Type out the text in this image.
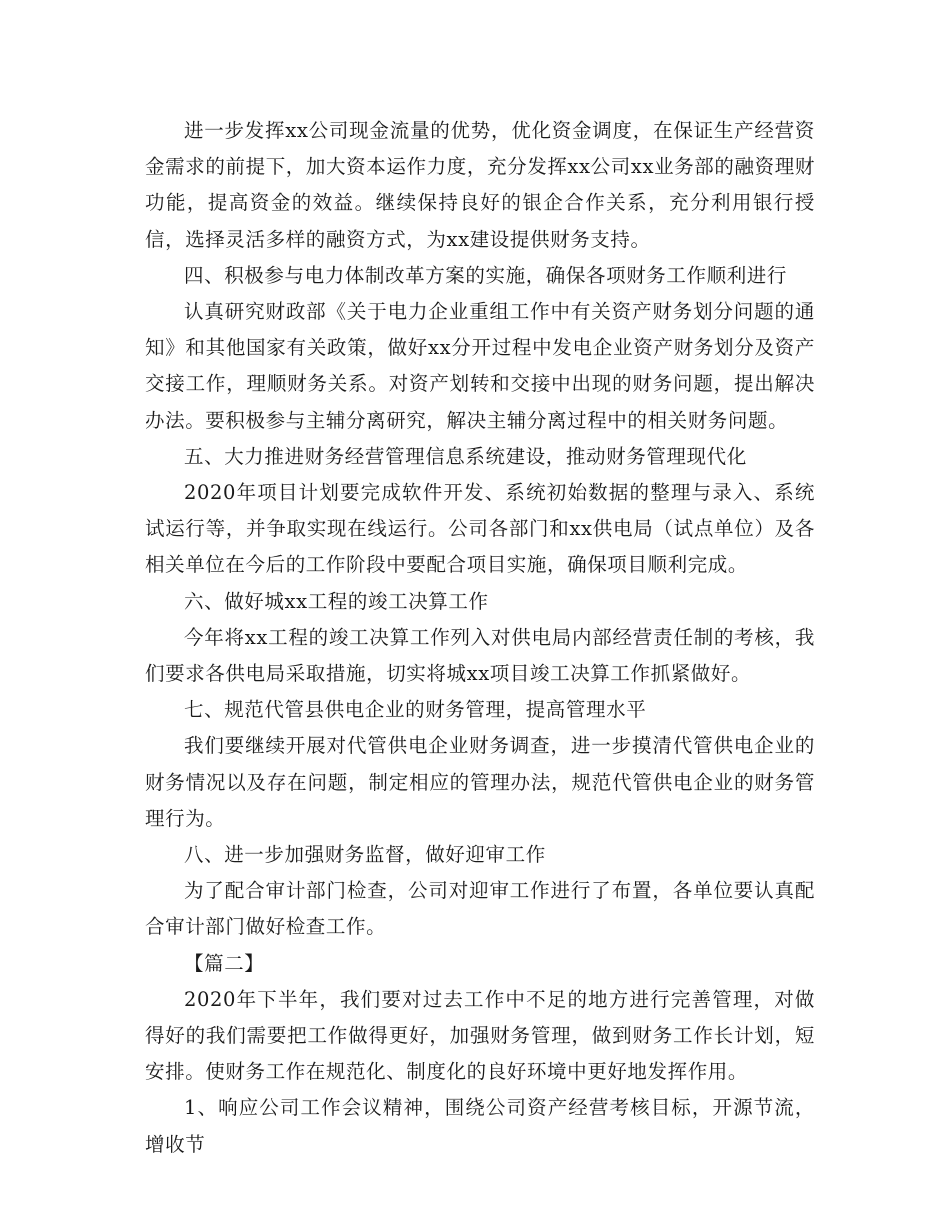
进一步发挥xx公司现金流量的优势，优化资金调度，在保证生产经营资金需求的前提下，加大资本运作力度，充分发挥xx公司xx业务部的融资理财功能，提高资金的效益。继续保持良好的银企合作关系，充分利用银行授信，选择灵活多样的融资方式，为xx建设提供财务支持。

四、积极参与电力体制改革方案的实施，确保各项财务工作顺利进行

认真研究财政部《关于电力企业重组工作中有关资产财务划分问题的通知》和其他国家有关政策，做好xx分开过程中发电企业资产财务划分及资产交接工作，理顺财务关系。对资产划转和交接中出现的财务问题，提出解决办法。要积极参与主辅分离研究，解决主辅分离过程中的相关财务问题。

五、大力推进财务经营管理信息系统建设，推动财务管理现代化

2020年项目计划要完成软件开发、系统初始数据的整理与录入、系统试运行等，并争取实现在线运行。公司各部门和xx供电局（试点单位）及各相关单位在今后的工作阶段中要配合项目实施，确保项目顺利完成。

六、做好城xx工程的竣工决算工作

今年将xx工程的竣工决算工作列入对供电局内部经营责任制的考核，我们要求各供电局采取措施，切实将城xx项目竣工决算工作抓紧做好。

七、规范代管县供电企业的财务管理，提高管理水平

我们要继续开展对代管供电企业财务调查，进一步摸清代管供电企业的财务情况以及存在问题，制定相应的管理办法，规范代管供电企业的财务管理行为。

八、进一步加强财务监督，做好迎审工作

为了配合审计部门检查，公司对迎审工作进行了布置，各单位要认真配合审计部门做好检查工作。

【篇二】

2020年下半年，我们要对过去工作中不足的地方进行完善管理，对做得好的我们需要把工作做得更好，加强财务管理，做到财务工作长计划，短安排。使财务工作在规范化、制度化的良好环境中更好地发挥作用。

1、响应公司工作会议精神，围绕公司资产经营考核目标，开源节流，增收节
